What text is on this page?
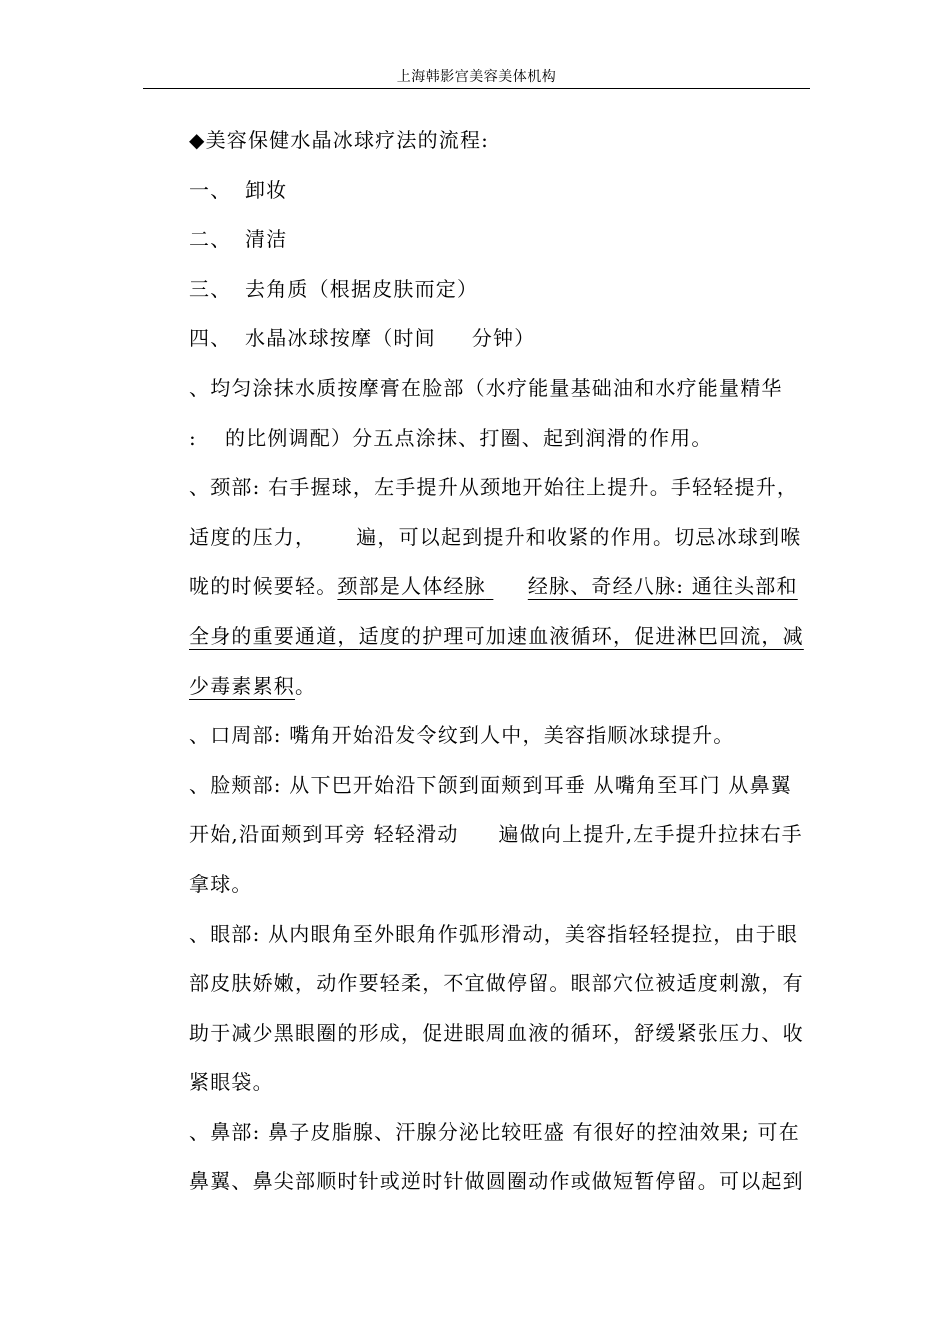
上海韩影宫美容美体机构

◆美容保健水晶冰球疗法的流程:

一、 卸妆

二、 清洁

三、 去角质（根据皮肤而定）

四、 水晶冰球按摩（时间 分钟）

、均匀涂抹水质按摩膏在脸部（水疗能量基础油和水疗能量精华: 的比例调配）分五点涂抹、打圈、起到润滑的作用。

、颈部: 右手握球，左手提升从颈地开始往上提升。手轻轻提升，适度的压力， 遍，可以起到提升和收紧的作用。切忌冰球到喉咙的时候要轻。颈部是人体经脉 经脉、奇经八脉: 通往头部和全身的重要通道，适度的护理可加速血液循环，促进淋巴回流，减少毒素累积。

、口周部: 嘴角开始沿发令纹到人中，美容指顺冰球提升。

、脸颊部: 从下巴开始沿下颌到面颊到耳垂 从嘴角至耳门 从鼻翼开始,沿面颊到耳旁 轻轻滑动 遍做向上提升,左手提升拉抹右手拿球。

、眼部: 从内眼角至外眼角作弧形滑动，美容指轻轻提拉，由于眼部皮肤娇嫩，动作要轻柔，不宜做停留。眼部穴位被适度刺激，有助于减少黑眼圈的形成，促进眼周血液的循环，舒缓紧张压力、收紧眼袋。

、鼻部: 鼻子皮脂腺、汗腺分泌比较旺盛 有很好的控油效果; 可在鼻翼、鼻尖部顺时针或逆时针做圆圈动作或做短暂停留。可以起到
